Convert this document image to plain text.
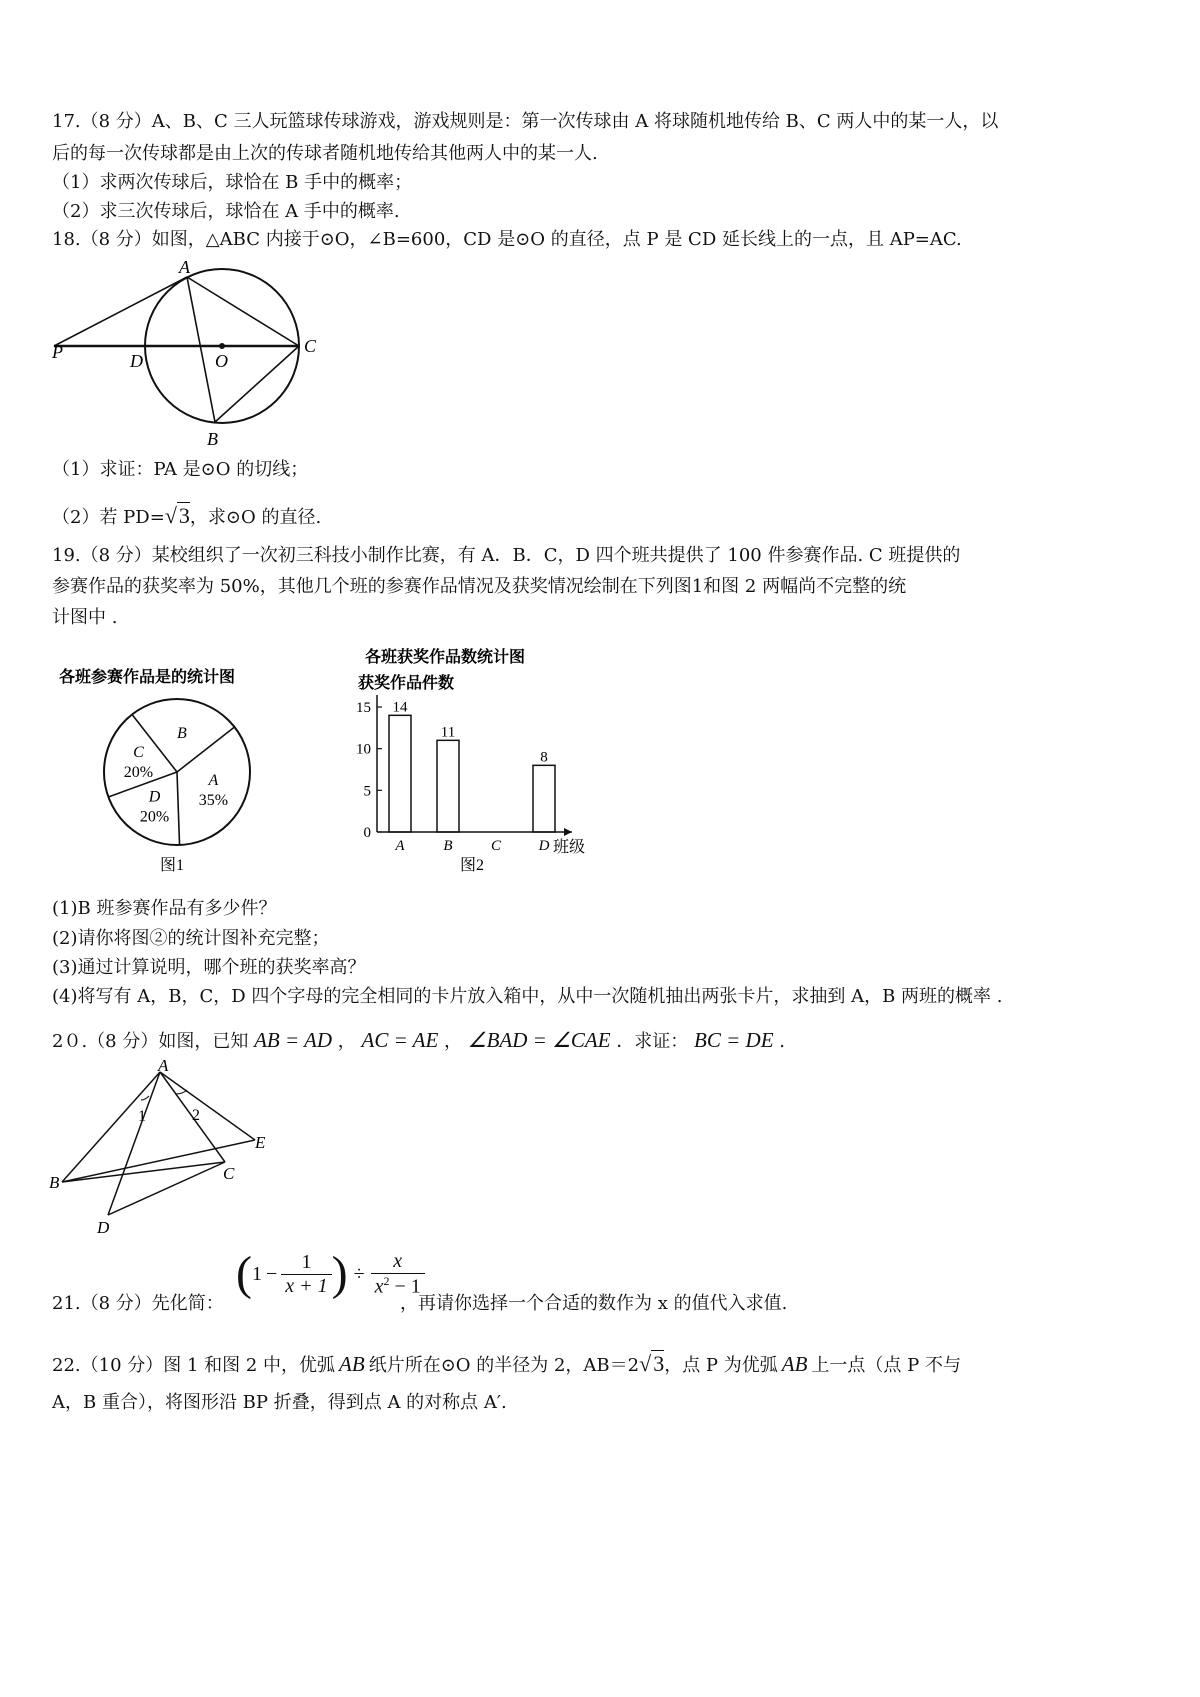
17.（8 分）A、B、C 三人玩篮球传球游戏，游戏规则是：第一次传球由 A 将球随机地传给 B、C 两人中的某一人，以
后的每一次传球都是由上次的传球者随机地传给其他两人中的某一人.
（1）求两次传球后，球恰在 B 手中的概率；
（2）求三次传球后，球恰在 A 手中的概率.
18.（8 分）如图，△ABC 内接于⊙O，∠B=600，CD 是⊙O 的直径，点 P 是 CD 延长线上的一点，且 AP=AC.
A
P	D	O
C
B
（1）求证：PA 是⊙O 的切线；
（2）若 PD=√3，求⊙O 的直径.
19.（8 分）某校组织了一次初三科技小制作比赛，有 A．B．C，D 四个班共提供了 100 件参赛作品. C 班提供的
参赛作品的获奖率为 50%，其他几个班的参赛作品情况及获奖情况绘制在下列图1和图 2 两幅尚不完整的统
计图中 .
各班参赛作品是的统计图
A
35%
D
20%
C
20%
B
图1
各班获奖作品数统计图
获奖作品件数
0
5
10
15
A	B	C	D
14
11
8
班级
图2
(1)B 班参赛作品有多少件？
(2)请你将图②的统计图补充完整；
(3)通过计算说明，哪个班的获奖率高？
(4)将写有 A，B，C，D 四个字母的完全相同的卡片放入箱中，从中一次随机抽出两张卡片，求抽到 A，B 两班的概率 .
2０.（8 分）如图，已知 AB = AD ， AC = AE ， ∠BAD = ∠CAE ．求证： BC = DE .
A
1	2
E
C
B
D
21.（8 分）先化简：
( $1 - \frac{1}{x + 1}$ ) ÷ $\frac{x}{x^2 - 1}$
，再请你选择一个合适的数作为 x 的值代入求值.
22.（10 分）图 1 和图 2 中，优弧 AB 纸片所在⊙O 的半径为 2，AB＝2√3，点 P 为优弧 AB 上一点（点 P 不与
A，B 重合），将图形沿 BP 折叠，得到点 A 的对称点 A′.
